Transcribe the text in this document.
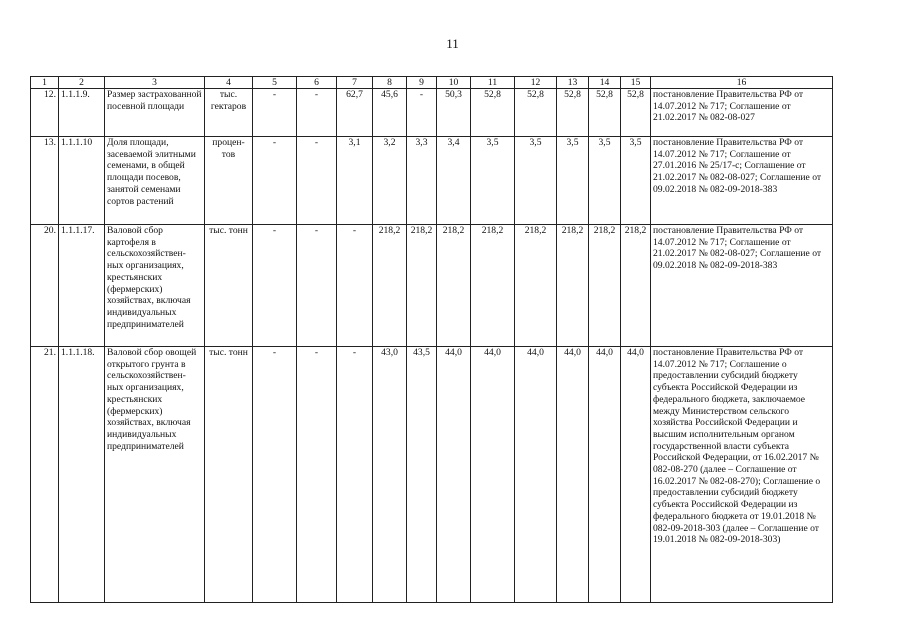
11
1	2	3	4	5	6	7	8	9	10	11	12	13	14	15	16
12.	1.1.1.9.	Размер застрахованной посевной площади	тыс. гектаров	-	-	62,7	45,6	-	50,3	52,8	52,8	52,8	52,8	52,8	постановление Правительства РФ от 14.07.2012 № 717; Соглашение от 21.02.2017 № 082-08-027
13.	1.1.1.10	Доля площади, засеваемой элитными семенами, в общей площади посевов, занятой семенами сортов растений	процен-тов	-	-	3,1	3,2	3,3	3,4	3,5	3,5	3,5	3,5	3,5	постановление Правительства РФ от 14.07.2012 № 717; Соглашение от 27.01.2016 № 25/17-с; Соглашение от 21.02.2017 № 082-08-027; Соглашение от 09.02.2018 № 082-09-2018-383
20.	1.1.1.17.	Валовой сбор картофеля в сельскохозяйствен-ных организациях, крестьянских (фермерских) хозяйствах, включая индивидуальных предпринимателей	тыс. тонн	-	-	-	218,2	218,2	218,2	218,2	218,2	218,2	218,2	218,2	постановление Правительства РФ от 14.07.2012 № 717; Соглашение от 21.02.2017 № 082-08-027; Соглашение от 09.02.2018 № 082-09-2018-383
21.	1.1.1.18.	Валовой сбор овощей открытого грунта в сельскохозяйствен-ных организациях, крестьянских (фермерских) хозяйствах, включая индивидуальных предпринимателей	тыс. тонн	-	-	-	43,0	43,5	44,0	44,0	44,0	44,0	44,0	44,0	постановление Правительства РФ от 14.07.2012 № 717; Соглашение о предоставлении субсидий бюджету субъекта Российской Федерации из федерального бюджета, заключаемое между Министерством сельского хозяйства Российской Федерации и высшим исполнительным органом государственной власти субъекта Российской Федерации, от 16.02.2017 № 082-08-270 (далее – Соглашение от 16.02.2017 № 082-08-270); Соглашение о предоставлении субсидий бюджету субъекта Российской Федерации из федерального бюджета от 19.01.2018 № 082-09-2018-303 (далее – Соглашение от 19.01.2018 № 082-09-2018-303)
